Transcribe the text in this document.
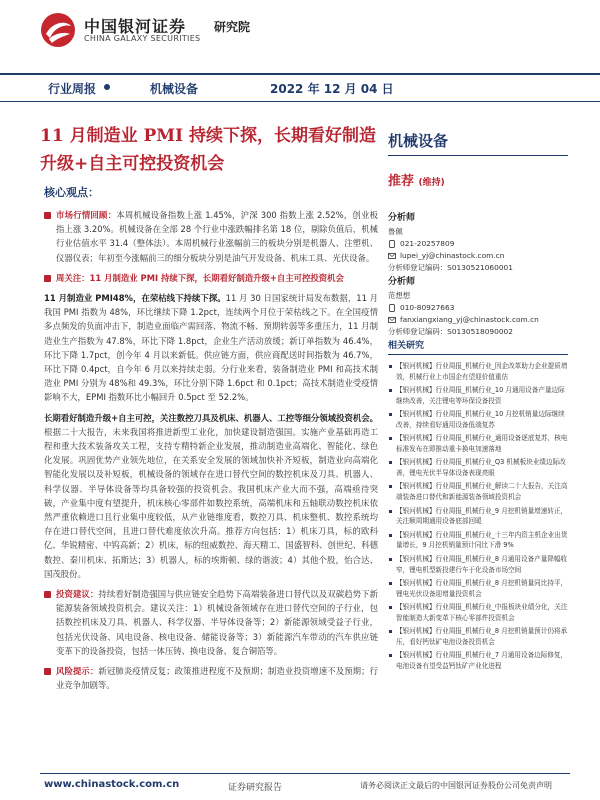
中国银河证券
CHINA GALAXY SECURITIES
研究院
行业周报	机械设备	2022 年 12 月 04 日
11 月制造业 PMI 持续下探，长期看好制造升级+自主可控投资机会
核心观点：
市场行情回顾：本周机械设备指数上涨 1.45%，沪深 300 指数上涨 2.52%，创业板指上涨 3.20%。机械设备在全部 28 个行业中涨跌幅排名第 18 位，剔除负值后，机械行业估值水平 31.4（整体法）。本周机械行业涨幅前三的板块分别是机器人、注塑机、仪器仪表；年初至今涨幅前三的细分板块分别是油气开发设备、机床工具、光伏设备。
周关注：11 月制造业 PMI 持续下探，长期看好制造升级+自主可控投资机会
11 月制造业 PMI48%，在荣枯线下持续下探。11 月 30 日国家统计局发布数据，11 月我国 PMI 指数为 48%，环比继续下降 1.2pct，连续两个月位于荣枯线之下。在全国疫情多点频发的负面冲击下，制造业面临产需回落、物流不畅、预期转弱等多重压力，11 月制造业生产指数为 47.8%，环比下降 1.8pct，企业生产活动放缓；新订单指数为 46.4%，环比下降 1.7pct，创今年 4 月以来新低。供应链方面，供应商配送时间指数为 46.7%，环比下降 0.4pct，自今年 6 月以来持续走弱。分行业来看，装备制造业 PMI 和高技术制造业 PMI 分别为 48%和 49.3%，环比分别下降 1.6pct 和 0.1pct；高技术制造业受疫情影响不大，EPMI 指数环比小幅回升 0.5pct 至 52.2%。
长期看好制造升级+自主可控，关注数控刀具及机床、机器人、工控等细分领域投资机会。根据二十大报告，未来我国将推进新型工业化，加快建设制造强国。实施产业基础再造工程和重大技术装备攻关工程，支持专精特新企业发展，推动制造业高端化、智能化、绿色化发展。巩固优势产业领先地位，在关系安全发展的领域加快补齐短板，制造业向高端化智能化发展以及补短板，机械设备的领域存在进口替代空间的数控机床及刀具、机器人、科学仪器、半导体设备等均具备较强的投资机会。我国机床产业大而不强，高端亟待突破，产业集中度有望提升，机床核心零部件如数控系统，高端机床和五轴联动数控机床依然严重依赖进口且行业集中度较低，从产业链维度看，数控刀具、机床整机、数控系统均存在进口替代空间，且进口替代难度依次升高。推荐方向包括：1）机床刀具，标的欧科亿、华锐精密、中钨高新；2）机床，标的纽威数控、海天精工、国盛智科、创世纪、科德数控、秦川机床、拓斯达；3）机器人，标的埃斯顿、绿的谐波；4）其他个股，怡合达、国茂股份。
投资建议：持续看好制造强国与供应链安全趋势下高端装备进口替代以及双碳趋势下新能源装备领域投资机会。建议关注：1）机械设备领域存在进口替代空间的子行业，包括数控机床及刀具、机器人、科学仪器、半导体设备等；2）新能源领域受益子行业，包括光伏设备、风电设备、核电设备、储能设备等；3）新能源汽车带动的汽车供应链变革下的设备投资，包括一体压铸、换电设备、复合铜箔等。
风险提示：新冠肺炎疫情反复；政策推进程度不及预期；制造业投资增速不及预期；行业竞争加剧等。
机械设备
推荐 (维持)
分析师
鲁佩
021-20257809
lupei_yj@chinastock.com.cn
分析师登记编码：S0130521060001
分析师
范想想
010-80927663
fanxiangxiang_yj@chinastock.com.cn
分析师登记编码：S0130518090002
相关研究
【银河机械】行业周报_机械行业_因企改革助力企业提质增效，机械行业上市国企有望迎价值重估
【银河机械】行业周报_机械行业_10 月通用设备产量边际继续改善，关注锂电等环保设备投资
【银河机械】行业周报_机械行业_10 月挖机销量边际继续改善，持续看好通用设备低端复苏
【银河机械】行业周报_机械行业_通用设备逐底复苏，核电标准发布在即推动重卡换电加速落地
【银河机械】行业周报_机械行业_Q3 机械板块业绩边际改善，锂电光伏半导体设备表现亮眼
【银河机械】行业周报_机械行业_解读二十大报告，关注高端装备进口替代和新能源装备领域投资机会
【银河机械】行业周报_机械行业_9 月挖机销量增速转正，关注顺周期通用设备底部回暖
【银河机械】行业周报_机械行业_十三年内资主机企业出货量增长，9 月挖机销量预计同比下滑 9%
【银河机械】行业周报_机械行业_8 月通用设备产量降幅收窄，锂电机型新投建行车于化设备市场空间
【银河机械】行业周报_机械行业_8 月挖机销量同比持平，锂电光伏设备迎增量投资机会
【银河机械】行业周报_机械行业_中报板块业绩分化，关注智能制造大新变革下核心零部件投资机会
【银河机械】行业周报_机械行业_8 月挖机销量预计仍将承压，看好钙钛矿电池设备投资机会
【银河机械】行业周报_机械行业_7 月通用设备边际修复，电池设备有望受益钙钛矿产业化进程
www.chinastock.com.cn	证券研究报告	请务必阅读正文最后的中国银河证券股份公司免责声明
